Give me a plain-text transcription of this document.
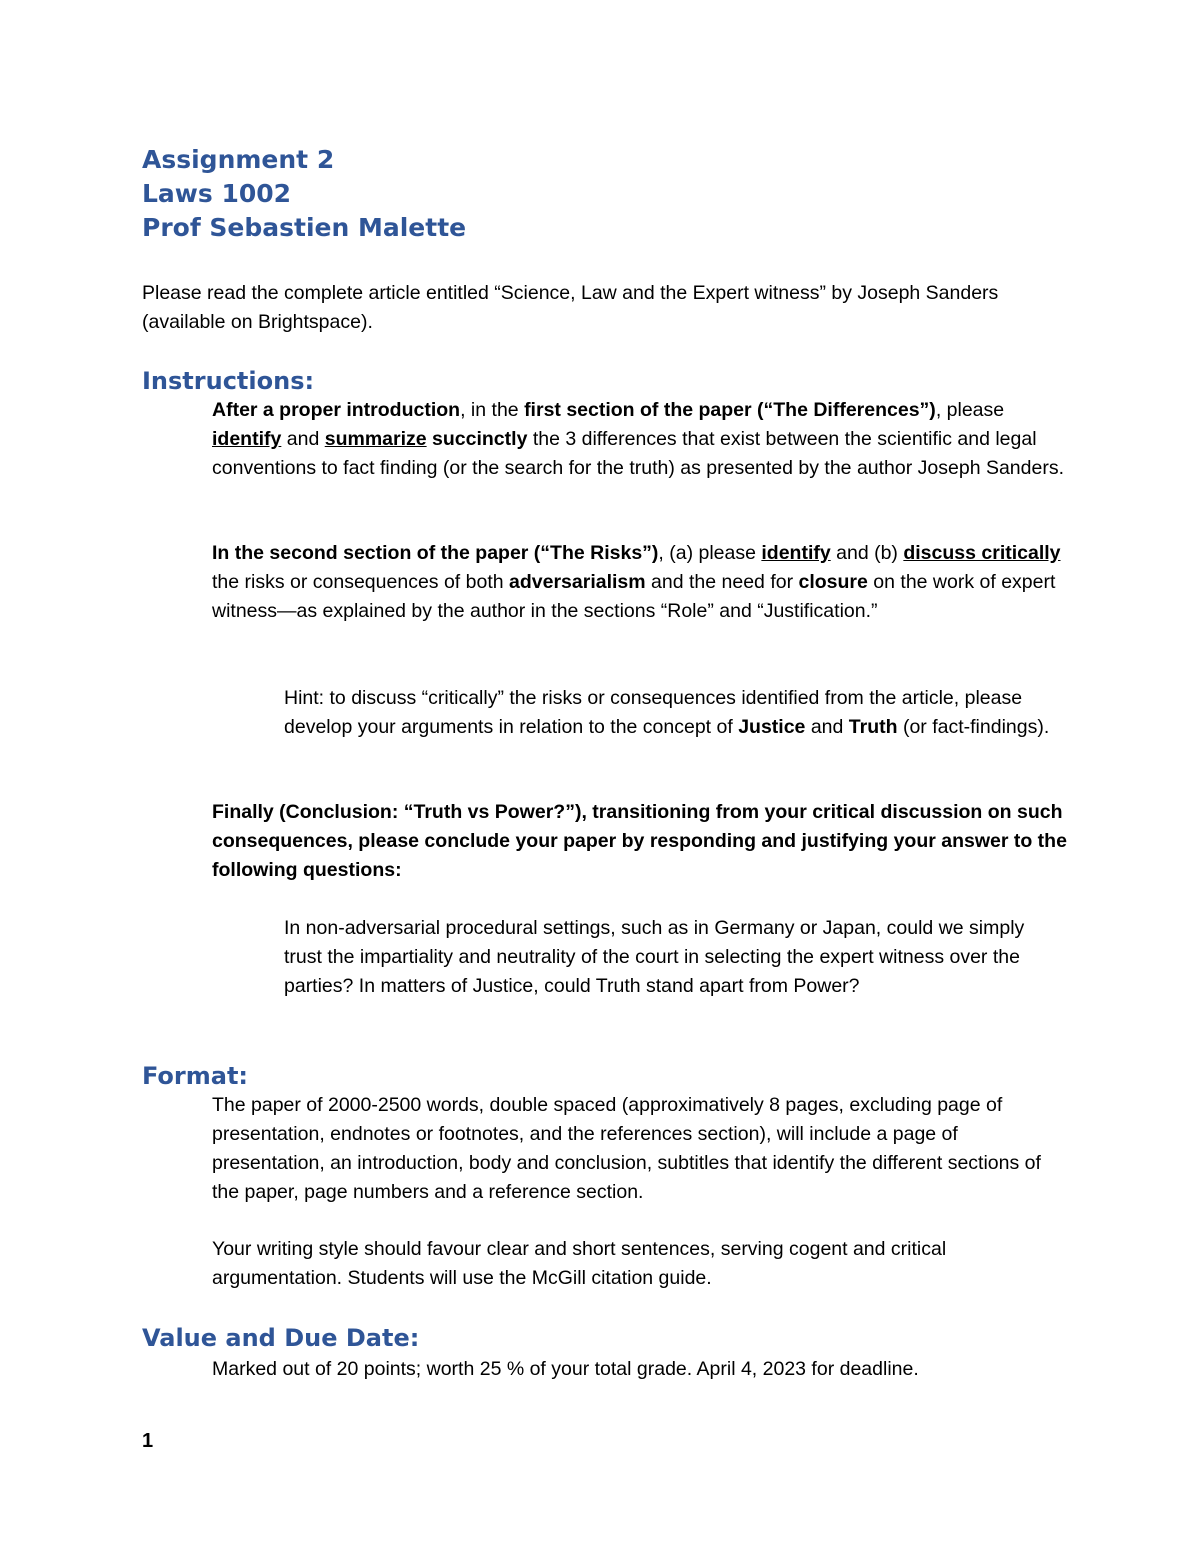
Assignment 2
Laws 1002
Prof Sebastien Malette

Please read the complete article entitled “Science, Law and the Expert witness” by Joseph Sanders (available on Brightspace).

Instructions:

After a proper introduction, in the first section of the paper (“The Differences”), please identify and summarize succinctly the 3 differences that exist between the scientific and legal conventions to fact finding (or the search for the truth) as presented by the author Joseph Sanders.

In the second section of the paper (“The Risks”), (a) please identify and (b) discuss critically the risks or consequences of both adversarialism and the need for closure on the work of expert witness—as explained by the author in the sections “Role” and “Justification.”

Hint: to discuss “critically” the risks or consequences identified from the article, please develop your arguments in relation to the concept of Justice and Truth (or fact-findings).

Finally (Conclusion: “Truth vs Power?”), transitioning from your critical discussion on such consequences, please conclude your paper by responding and justifying your answer to the following questions:

In non-adversarial procedural settings, such as in Germany or Japan, could we simply trust the impartiality and neutrality of the court in selecting the expert witness over the parties? In matters of Justice, could Truth stand apart from Power?

Format:

The paper of 2000-2500 words, double spaced (approximatively 8 pages, excluding page of presentation, endnotes or footnotes, and the references section), will include a page of presentation, an introduction, body and conclusion, subtitles that identify the different sections of the paper, page numbers and a reference section.

Your writing style should favour clear and short sentences, serving cogent and critical argumentation. Students will use the McGill citation guide.

Value and Due Date:

Marked out of 20 points; worth 25 % of your total grade. April 4, 2023 for deadline.

1
